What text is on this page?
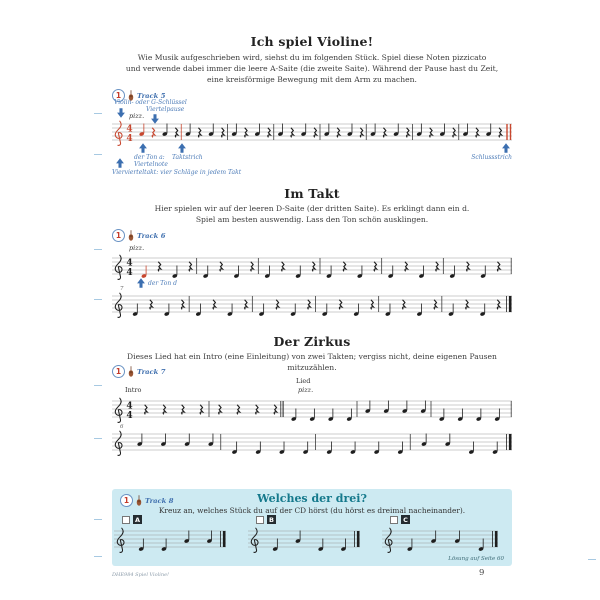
Ich spiel Violine!
Wie Musik aufgeschrieben wird, siehst du im folgenden Stück. Spiel diese Noten pizzicato
und verwende dabei immer die leere A-Saite (die zweite Saite). Während der Pause hast du Zeit,
eine kreisförmige Bewegung mit dem Arm zu machen.
1 Track 5
Violin- oder G-Schlüssel
Viertelpause
pizz.
4
4
der Ton a:
Viertelnote
Taktstrich
Viervierteltakt: vier Schläge in jedem Takt
Schlussstrich
Im Takt
Hier spielen wir auf der leeren D-Saite (der dritten Saite). Es erklingt dann ein d.
Spiel am besten auswendig. Lass den Ton schön ausklingen.
1 Track 6
pizz.
4
4
der Ton d
7
Der Zirkus
Dieses Lied hat ein Intro (eine Einleitung) von zwei Takten; vergiss nicht, deine eigenen Pausen mitzuzählen.
1 Track 7
Intro
Lied
pizz.
4
4
6
1 Track 8	Welches der drei?
Kreuz an, welches Stück du auf der CD hörst (du hörst es dreimal nacheinander).
A	B	C
Lösung auf Seite 60
DHE984 Spiel Violine!	9
